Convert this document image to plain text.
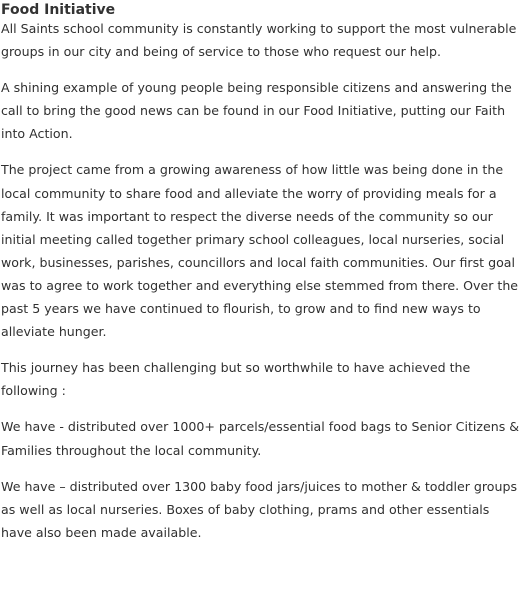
Food Initiative

All Saints school community is constantly working to support the most vulnerable groups in our city and being of service to those who request our help.

A shining example of young people being responsible citizens and answering the call to bring the good news can be found in our Food Initiative, putting our Faith into Action.

The project came from a growing awareness of how little was being done in the local community to share food and alleviate the worry of providing meals for a family. It was important to respect the diverse needs of the community so our initial meeting called together primary school colleagues, local nurseries, social work, businesses, parishes, councillors and local faith communities. Our first goal was to agree to work together and everything else stemmed from there. Over the past 5 years we have continued to flourish, to grow and to find new ways to alleviate hunger.

This journey has been challenging but so worthwhile to have achieved the following :

We have - distributed over 1000+ parcels/essential food bags to Senior Citizens & Families throughout the local community.

We have – distributed over 1300 baby food jars/juices to mother & toddler groups as well as local nurseries. Boxes of baby clothing, prams and other essentials have also been made available.
